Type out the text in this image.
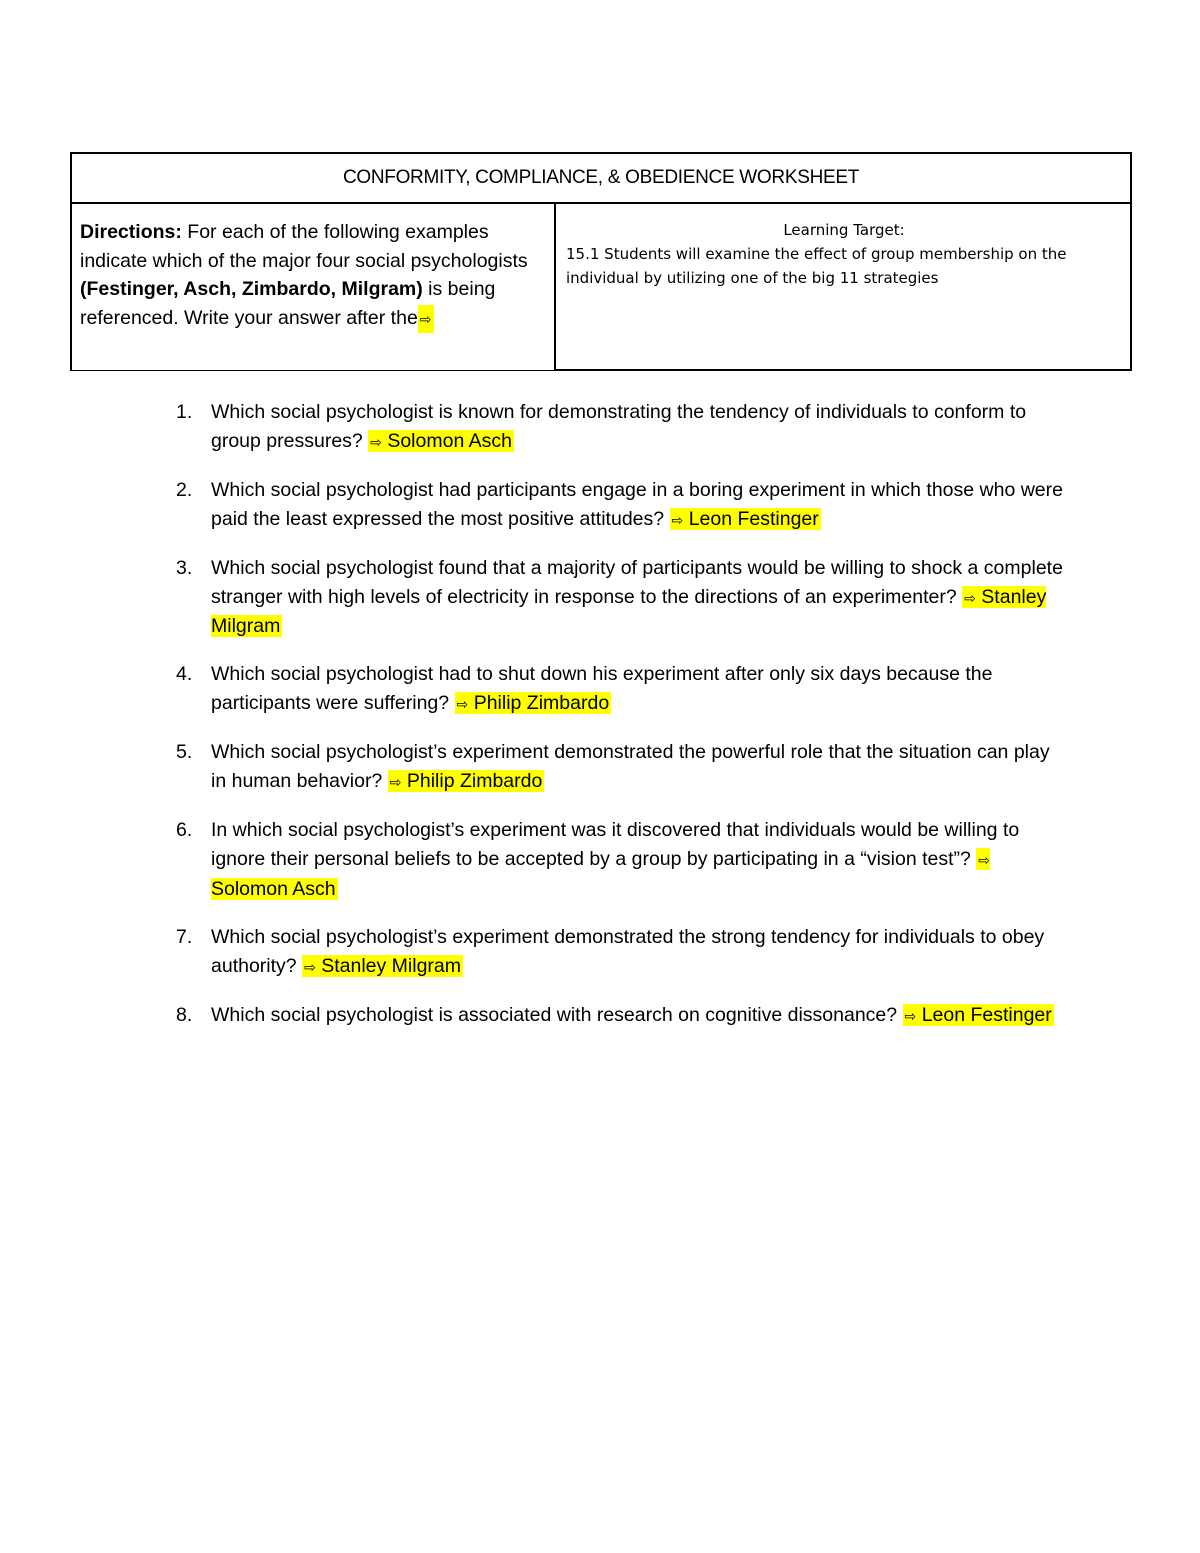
CONFORMITY, COMPLIANCE, & OBEDIENCE WORKSHEET
Directions: For each of the following examples indicate which of the major four social psychologists (Festinger, Asch, Zimbardo, Milgram) is being referenced. Write your answer after the ⇨
Learning Target:
15.1 Students will examine the effect of group membership on the individual by utilizing one of the big 11 strategies
1. Which social psychologist is known for demonstrating the tendency of individuals to conform to group pressures? ⇨ Solomon Asch
2. Which social psychologist had participants engage in a boring experiment in which those who were paid the least expressed the most positive attitudes? ⇨ Leon Festinger
3. Which social psychologist found that a majority of participants would be willing to shock a complete stranger with high levels of electricity in response to the directions of an experimenter? ⇨ Stanley Milgram
4. Which social psychologist had to shut down his experiment after only six days because the participants were suffering? ⇨ Philip Zimbardo
5. Which social psychologist’s experiment demonstrated the powerful role that the situation can play in human behavior? ⇨ Philip Zimbardo
6. In which social psychologist’s experiment was it discovered that individuals would be willing to ignore their personal beliefs to be accepted by a group by participating in a “vision test”? ⇨ Solomon Asch
7. Which social psychologist’s experiment demonstrated the strong tendency for individuals to obey authority? ⇨ Stanley Milgram
8. Which social psychologist is associated with research on cognitive dissonance? ⇨ Leon Festinger
